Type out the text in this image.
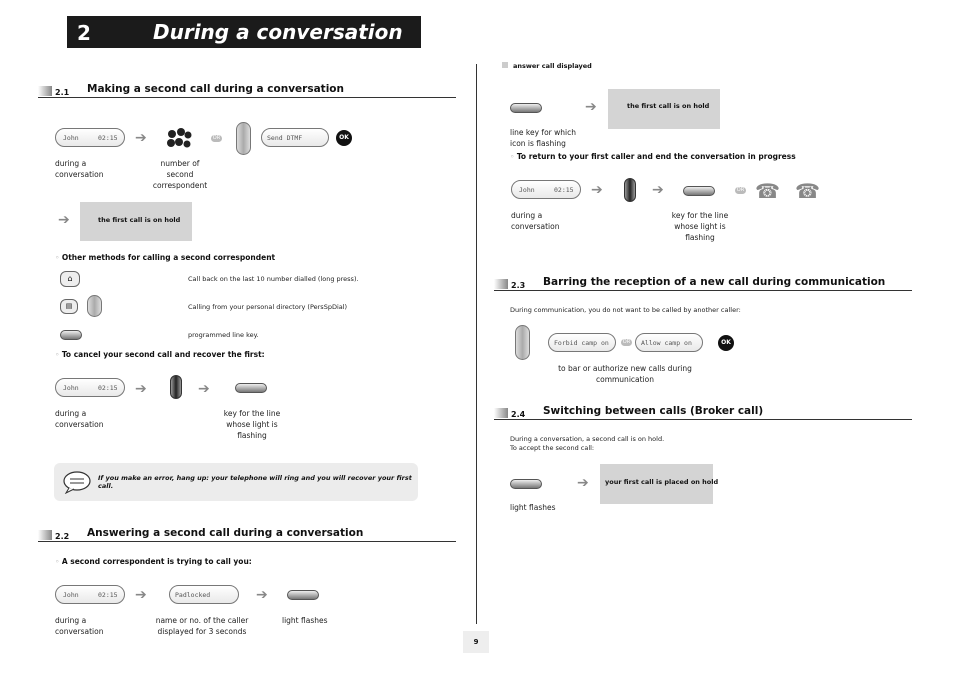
2	During a conversation
2.1 Making a second call during a conversation
John	02:15 ➔	OR	Send DTMF	OK
during a
conversation
number of
second
correspondent
➔	the first call is on hold
◦ Other methods for calling a second correspondent
⌂	Call back on the last 10 number dialled (long press).
▤	Calling from your personal directory (PersSpDial)
programmed line key.
◦ To cancel your second call and recover the first:
John	02:15 ➔	➔
during a
conversation
key for the line
whose light is
flashing
If you make an error, hang up: your telephone will ring and you will recover your first call.
2.2 Answering a second call during a conversation
◦ A second correspondent is trying to call you:
John	02:15 ➔	Padlocked	➔
during a
conversation
name or no. of the caller
displayed for 3 seconds
light flashes
answer call displayed
➔	the first call is on hold
line key for which
icon is flashing
◦ To return to your first caller and end the conversation in progress
John	02:15 ➔	➔	OR ☎ ☎
during a
conversation
key for the line
whose light is
flashing
2.3 Barring the reception of a new call during communication
During communication, you do not want to be called by another caller:
Forbid camp on	OR Allow camp on	OK
to bar or authorize new calls during
communication
2.4 Switching between calls (Broker call)
During a conversation, a second call is on hold.
To accept the second call:
➔	your first call is placed on hold
light flashes
9
